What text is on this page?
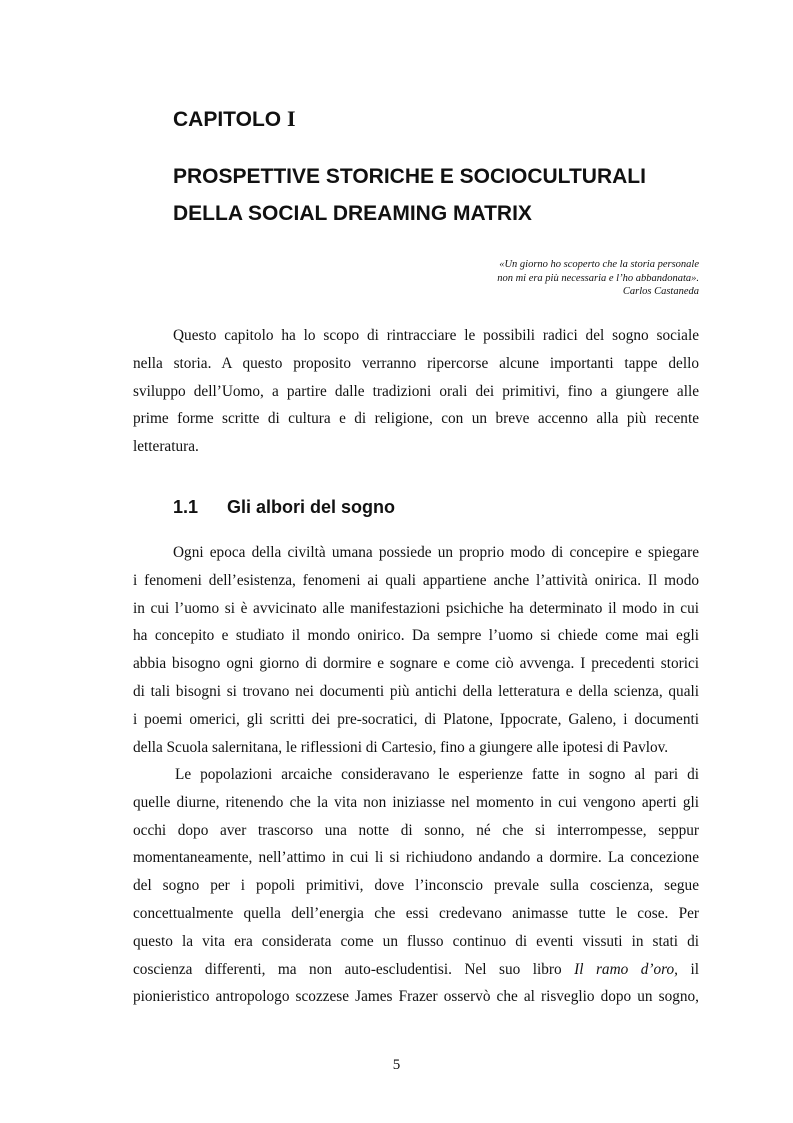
CAPITOLO I
PROSPETTIVE STORICHE E SOCIOCULTURALI
DELLA SOCIAL DREAMING MATRIX
«Un giorno ho scoperto che la storia personale
non mi era più necessaria e l’ho abbandonata».
Carlos Castaneda
Questo capitolo ha lo scopo di rintracciare le possibili radici del sogno sociale
nella storia. A questo proposito verranno ripercorse alcune importanti tappe dello
sviluppo dell’Uomo, a partire dalle tradizioni orali dei primitivi, fino a giungere alle
prime forme scritte di cultura e di religione, con un breve accenno alla più recente
letteratura.
1.1 Gli albori del sogno
Ogni epoca della civiltà umana possiede un proprio modo di concepire e spiegare
i fenomeni dell’esistenza, fenomeni ai quali appartiene anche l’attività onirica. Il modo
in cui l’uomo si è avvicinato alle manifestazioni psichiche ha determinato il modo in cui
ha concepito e studiato il mondo onirico. Da sempre l’uomo si chiede come mai egli
abbia bisogno ogni giorno di dormire e sognare e come ciò avvenga. I precedenti storici
di tali bisogni si trovano nei documenti più antichi della letteratura e della scienza, quali
i poemi omerici, gli scritti dei pre-socratici, di Platone, Ippocrate, Galeno, i documenti
della Scuola salernitana, le riflessioni di Cartesio, fino a giungere alle ipotesi di Pavlov.
Le popolazioni arcaiche consideravano le esperienze fatte in sogno al pari di
quelle diurne, ritenendo che la vita non iniziasse nel momento in cui vengono aperti gli
occhi dopo aver trascorso una notte di sonno, né che si interrompesse, seppur
momentaneamente, nell’attimo in cui li si richiudono andando a dormire. La concezione
del sogno per i popoli primitivi, dove l’inconscio prevale sulla coscienza, segue
concettualmente quella dell’energia che essi credevano animasse tutte le cose. Per
questo la vita era considerata come un flusso continuo di eventi vissuti in stati di
coscienza differenti, ma non auto-escludentisi. Nel suo libro Il ramo d’oro, il
pionieristico antropologo scozzese James Frazer osservò che al risveglio dopo un sogno,
5
